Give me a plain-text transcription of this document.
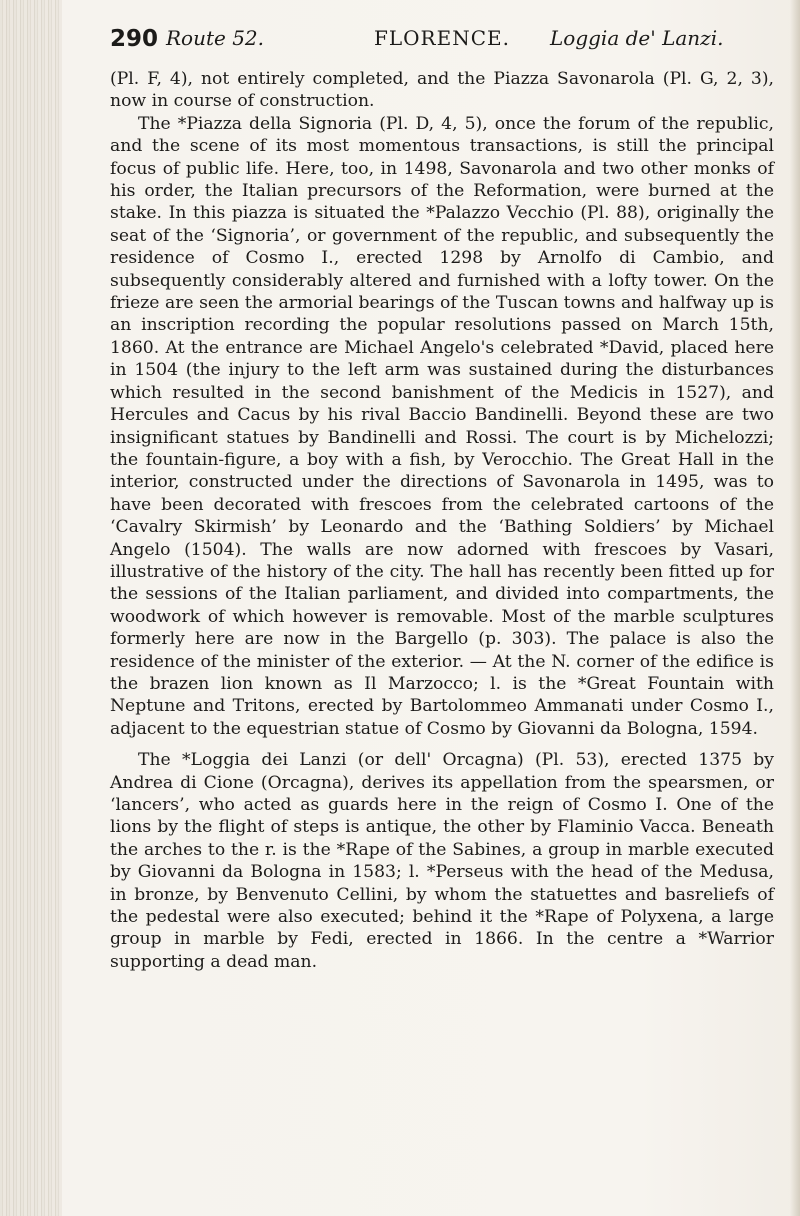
290 Route 52.	FLORENCE. Loggia de' Lanzi.

(Pl. F, 4), not entirely completed, and the Piazza Savonarola (Pl. G, 2, 3), now in course of construction.

The *Piazza della Signoria (Pl. D, 4, 5), once the forum of the republic, and the scene of its most momentous transactions, is still the principal focus of public life. Here, too, in 1498, Savonarola and two other monks of his order, the Italian precursors of the Reformation, were burned at the stake. In this piazza is situated the *Palazzo Vecchio (Pl. 88), originally the seat of the ‘Signoria’, or government of the republic, and subsequently the residence of Cosmo I., erected 1298 by Arnolfo di Cambio, and subsequently considerably altered and furnished with a lofty tower. On the frieze are seen the armorial bearings of the Tuscan towns and halfway up is an inscription recording the popular resolutions passed on March 15th, 1860. At the entrance are Michael Angelo's celebrated *David, placed here in 1504 (the injury to the left arm was sustained during the disturbances which resulted in the second banishment of the Medicis in 1527), and Hercules and Cacus by his rival Baccio Bandinelli. Beyond these are two insignificant statues by Bandinelli and Rossi. The court is by Michelozzi; the fountain-figure, a boy with a fish, by Verocchio. The Great Hall in the interior, constructed under the directions of Savonarola in 1495, was to have been decorated with frescoes from the celebrated cartoons of the ‘Cavalry Skirmish’ by Leonardo and the ‘Bathing Soldiers’ by Michael Angelo (1504). The walls are now adorned with frescoes by Vasari, illustrative of the history of the city. The hall has recently been fitted up for the sessions of the Italian parliament, and divided into compartments, the woodwork of which however is removable. Most of the marble sculptures formerly here are now in the Bargello (p. 303). The palace is also the residence of the minister of the exterior. — At the N. corner of the edifice is the brazen lion known as Il Marzocco; l. is the *Great Fountain with Neptune and Tritons, erected by Bartolommeo Ammanati under Cosmo I., adjacent to the equestrian statue of Cosmo by Giovanni da Bologna, 1594.

The *Loggia dei Lanzi (or dell' Orcagna) (Pl. 53), erected 1375 by Andrea di Cione (Orcagna), derives its appellation from the spearsmen, or ‘lancers’, who acted as guards here in the reign of Cosmo I. One of the lions by the flight of steps is antique, the other by Flaminio Vacca. Beneath the arches to the r. is the *Rape of the Sabines, a group in marble executed by Giovanni da Bologna in 1583; l. *Perseus with the head of the Medusa, in bronze, by Benvenuto Cellini, by whom the statuettes and basreliefs of the pedestal were also executed; behind it the *Rape of Polyxena, a large group in marble by Fedi, erected in 1866. In the centre a *Warrior supporting a dead man.
